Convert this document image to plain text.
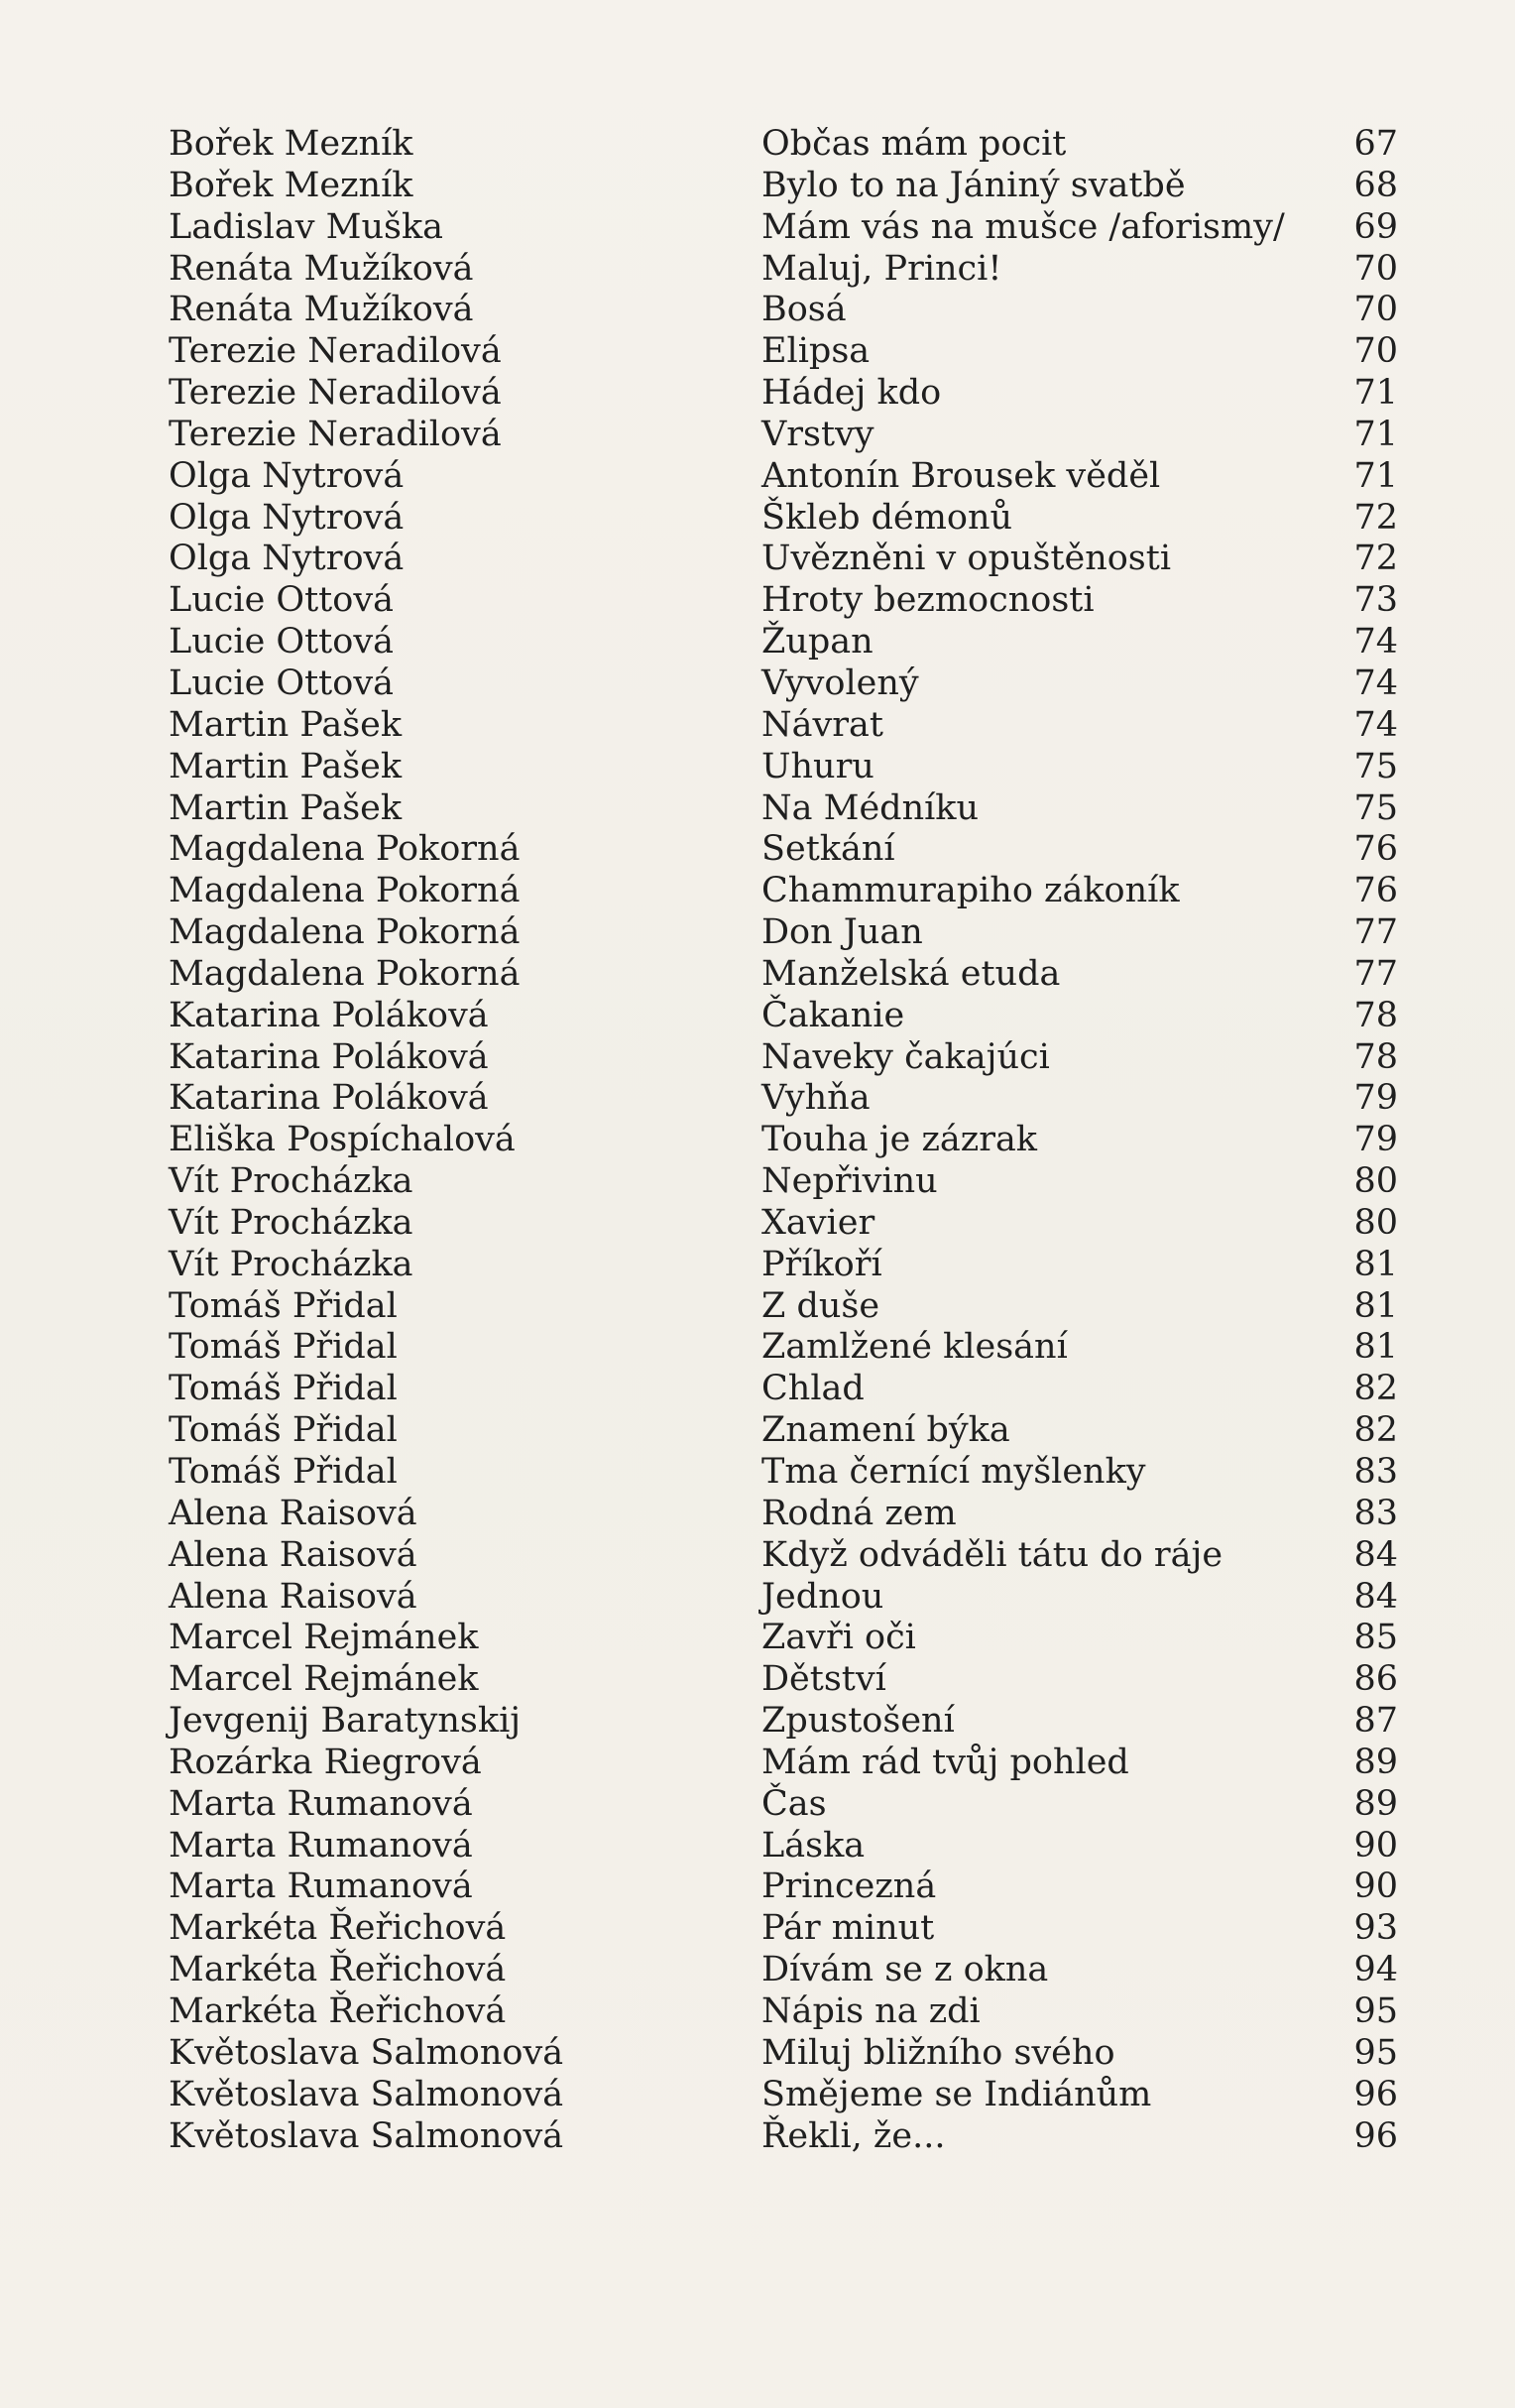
Bořek Mezník	Občas mám pocit	67
Bořek Mezník	Bylo to na Jániný svatbě	68
Ladislav Muška	Mám vás na mušce /aforismy/	69
Renáta Mužíková	Maluj, Princi!	70
Renáta Mužíková	Bosá	70
Terezie Neradilová	Elipsa	70
Terezie Neradilová	Hádej kdo	71
Terezie Neradilová	Vrstvy	71
Olga Nytrová	Antonín Brousek věděl	71
Olga Nytrová	Škleb démonů	72
Olga Nytrová	Uvězněni v opuštěnosti	72
Lucie Ottová	Hroty bezmocnosti	73
Lucie Ottová	Župan	74
Lucie Ottová	Vyvolený	74
Martin Pašek	Návrat	74
Martin Pašek	Uhuru	75
Martin Pašek	Na Médníku	75
Magdalena Pokorná	Setkání	76
Magdalena Pokorná	Chammurapiho zákoník	76
Magdalena Pokorná	Don Juan	77
Magdalena Pokorná	Manželská etuda	77
Katarina Poláková	Čakanie	78
Katarina Poláková	Naveky čakajúci	78
Katarina Poláková	Vyhňa	79
Eliška Pospíchalová	Touha je zázrak	79
Vít Procházka	Nepřivinu	80
Vít Procházka	Xavier	80
Vít Procházka	Příkoří	81
Tomáš Přidal	Z duše	81
Tomáš Přidal	Zamlžené klesání	81
Tomáš Přidal	Chlad	82
Tomáš Přidal	Znamení býka	82
Tomáš Přidal	Tma černící myšlenky	83
Alena Raisová	Rodná zem	83
Alena Raisová	Když odváděli tátu do ráje	84
Alena Raisová	Jednou	84
Marcel Rejmánek	Zavři oči	85
Marcel Rejmánek	Dětství	86
Jevgenij Baratynskij	Zpustošení	87
Rozárka Riegrová	Mám rád tvůj pohled	89
Marta Rumanová	Čas	89
Marta Rumanová	Láska	90
Marta Rumanová	Princezná	90
Markéta Řeřichová	Pár minut	93
Markéta Řeřichová	Dívám se z okna	94
Markéta Řeřichová	Nápis na zdi	95
Květoslava Salmonová	Miluj bližního svého	95
Květoslava Salmonová	Smějeme se Indiánům	96
Květoslava Salmonová	Řekli, že...	96
